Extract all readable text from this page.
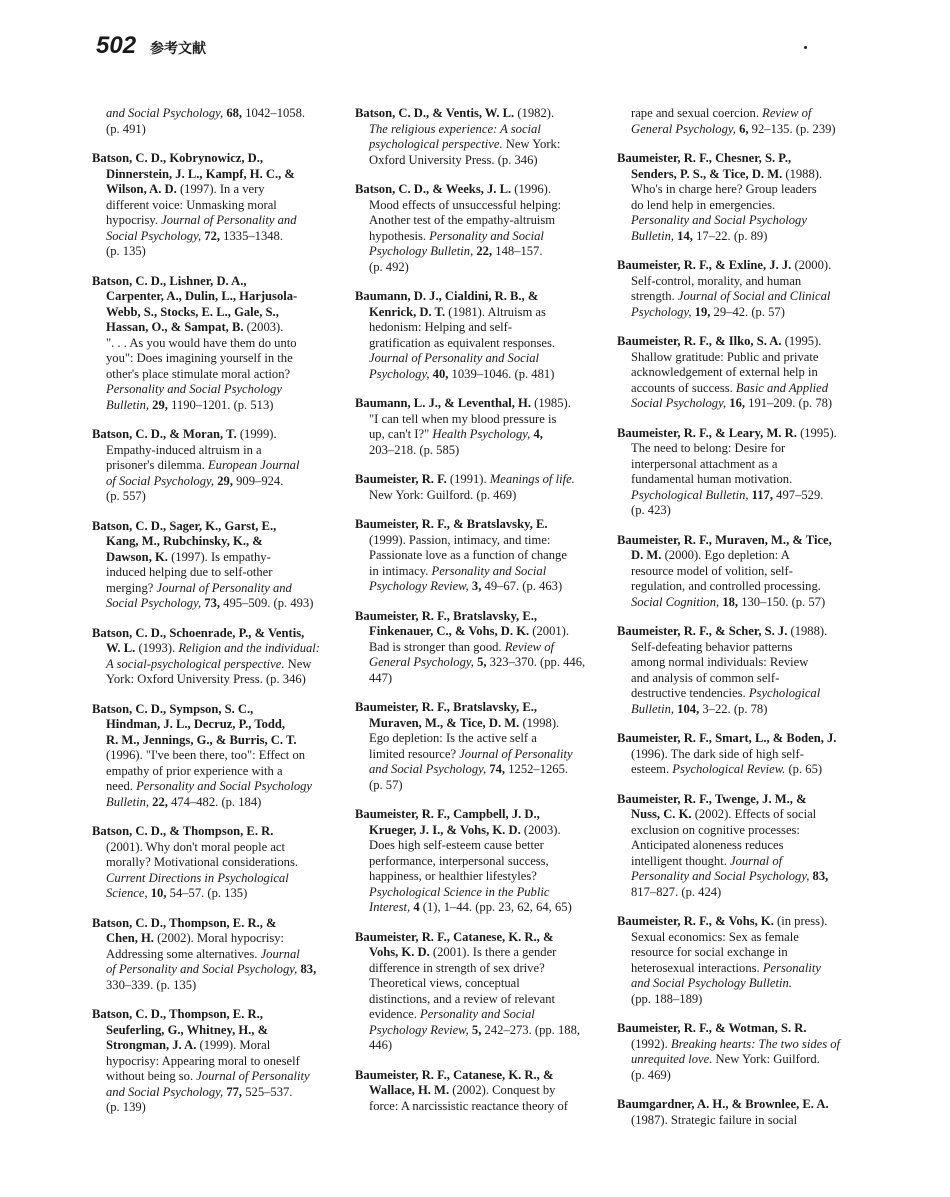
502 参考文献
and Social Psychology, 68, 1042–1058.
(p. 491)
Batson, C. D., Kobrynowicz, D.,
Dinnerstein, J. L., Kampf, H. C., &
Wilson, A. D. (1997). In a very
different voice: Unmasking moral
hypocrisy. Journal of Personality and
Social Psychology, 72, 1335–1348.
(p. 135)
Batson, C. D., Lishner, D. A.,
Carpenter, A., Dulin, L., Harjusola-
Webb, S., Stocks, E. L., Gale, S.,
Hassan, O., & Sampat, B. (2003).
". . . As you would have them do unto
you": Does imagining yourself in the
other's place stimulate moral action?
Personality and Social Psychology
Bulletin, 29, 1190–1201. (p. 513)
Batson, C. D., & Moran, T. (1999).
Empathy-induced altruism in a
prisoner's dilemma. European Journal
of Social Psychology, 29, 909–924.
(p. 557)
Batson, C. D., Sager, K., Garst, E.,
Kang, M., Rubchinsky, K., &
Dawson, K. (1997). Is empathy-
induced helping due to self-other
merging? Journal of Personality and
Social Psychology, 73, 495–509. (p. 493)
Batson, C. D., Schoenrade, P., & Ventis,
W. L. (1993). Religion and the individual:
A social-psychological perspective. New
York: Oxford University Press. (p. 346)
Batson, C. D., Sympson, S. C.,
Hindman, J. L., Decruz, P., Todd,
R. M., Jennings, G., & Burris, C. T.
(1996). "I've been there, too": Effect on
empathy of prior experience with a
need. Personality and Social Psychology
Bulletin, 22, 474–482. (p. 184)
Batson, C. D., & Thompson, E. R.
(2001). Why don't moral people act
morally? Motivational considerations.
Current Directions in Psychological
Science, 10, 54–57. (p. 135)
Batson, C. D., Thompson, E. R., &
Chen, H. (2002). Moral hypocrisy:
Addressing some alternatives. Journal
of Personality and Social Psychology, 83,
330–339. (p. 135)
Batson, C. D., Thompson, E. R.,
Seuferling, G., Whitney, H., &
Strongman, J. A. (1999). Moral
hypocrisy: Appearing moral to oneself
without being so. Journal of Personality
and Social Psychology, 77, 525–537.
(p. 139)
Batson, C. D., & Ventis, W. L. (1982).
The religious experience: A social
psychological perspective. New York:
Oxford University Press. (p. 346)
Batson, C. D., & Weeks, J. L. (1996).
Mood effects of unsuccessful helping:
Another test of the empathy-altruism
hypothesis. Personality and Social
Psychology Bulletin, 22, 148–157.
(p. 492)
Baumann, D. J., Cialdini, R. B., &
Kenrick, D. T. (1981). Altruism as
hedonism: Helping and self-
gratification as equivalent responses.
Journal of Personality and Social
Psychology, 40, 1039–1046. (p. 481)
Baumann, L. J., & Leventhal, H. (1985).
"I can tell when my blood pressure is
up, can't I?" Health Psychology, 4,
203–218. (p. 585)
Baumeister, R. F. (1991). Meanings of life.
New York: Guilford. (p. 469)
Baumeister, R. F., & Bratslavsky, E.
(1999). Passion, intimacy, and time:
Passionate love as a function of change
in intimacy. Personality and Social
Psychology Review, 3, 49–67. (p. 463)
Baumeister, R. F., Bratslavsky, E.,
Finkenauer, C., & Vohs, D. K. (2001).
Bad is stronger than good. Review of
General Psychology, 5, 323–370. (pp. 446,
447)
Baumeister, R. F., Bratslavsky, E.,
Muraven, M., & Tice, D. M. (1998).
Ego depletion: Is the active self a
limited resource? Journal of Personality
and Social Psychology, 74, 1252–1265.
(p. 57)
Baumeister, R. F., Campbell, J. D.,
Krueger, J. I., & Vohs, K. D. (2003).
Does high self-esteem cause better
performance, interpersonal success,
happiness, or healthier lifestyles?
Psychological Science in the Public
Interest, 4 (1), 1–44. (pp. 23, 62, 64, 65)
Baumeister, R. F., Catanese, K. R., &
Vohs, K. D. (2001). Is there a gender
difference in strength of sex drive?
Theoretical views, conceptual
distinctions, and a review of relevant
evidence. Personality and Social
Psychology Review, 5, 242–273. (pp. 188,
446)
Baumeister, R. F., Catanese, K. R., &
Wallace, H. M. (2002). Conquest by
force: A narcissistic reactance theory of
rape and sexual coercion. Review of
General Psychology, 6, 92–135. (p. 239)
Baumeister, R. F., Chesner, S. P.,
Senders, P. S., & Tice, D. M. (1988).
Who's in charge here? Group leaders
do lend help in emergencies.
Personality and Social Psychology
Bulletin, 14, 17–22. (p. 89)
Baumeister, R. F., & Exline, J. J. (2000).
Self-control, morality, and human
strength. Journal of Social and Clinical
Psychology, 19, 29–42. (p. 57)
Baumeister, R. F., & Ilko, S. A. (1995).
Shallow gratitude: Public and private
acknowledgement of external help in
accounts of success. Basic and Applied
Social Psychology, 16, 191–209. (p. 78)
Baumeister, R. F., & Leary, M. R. (1995).
The need to belong: Desire for
interpersonal attachment as a
fundamental human motivation.
Psychological Bulletin, 117, 497–529.
(p. 423)
Baumeister, R. F., Muraven, M., & Tice,
D. M. (2000). Ego depletion: A
resource model of volition, self-
regulation, and controlled processing.
Social Cognition, 18, 130–150. (p. 57)
Baumeister, R. F., & Scher, S. J. (1988).
Self-defeating behavior patterns
among normal individuals: Review
and analysis of common self-
destructive tendencies. Psychological
Bulletin, 104, 3–22. (p. 78)
Baumeister, R. F., Smart, L., & Boden, J.
(1996). The dark side of high self-
esteem. Psychological Review. (p. 65)
Baumeister, R. F., Twenge, J. M., &
Nuss, C. K. (2002). Effects of social
exclusion on cognitive processes:
Anticipated aloneness reduces
intelligent thought. Journal of
Personality and Social Psychology, 83,
817–827. (p. 424)
Baumeister, R. F., & Vohs, K. (in press).
Sexual economics: Sex as female
resource for social exchange in
heterosexual interactions. Personality
and Social Psychology Bulletin.
(pp. 188–189)
Baumeister, R. F., & Wotman, S. R.
(1992). Breaking hearts: The two sides of
unrequited love. New York: Guilford.
(p. 469)
Baumgardner, A. H., & Brownlee, E. A.
(1987). Strategic failure in social
